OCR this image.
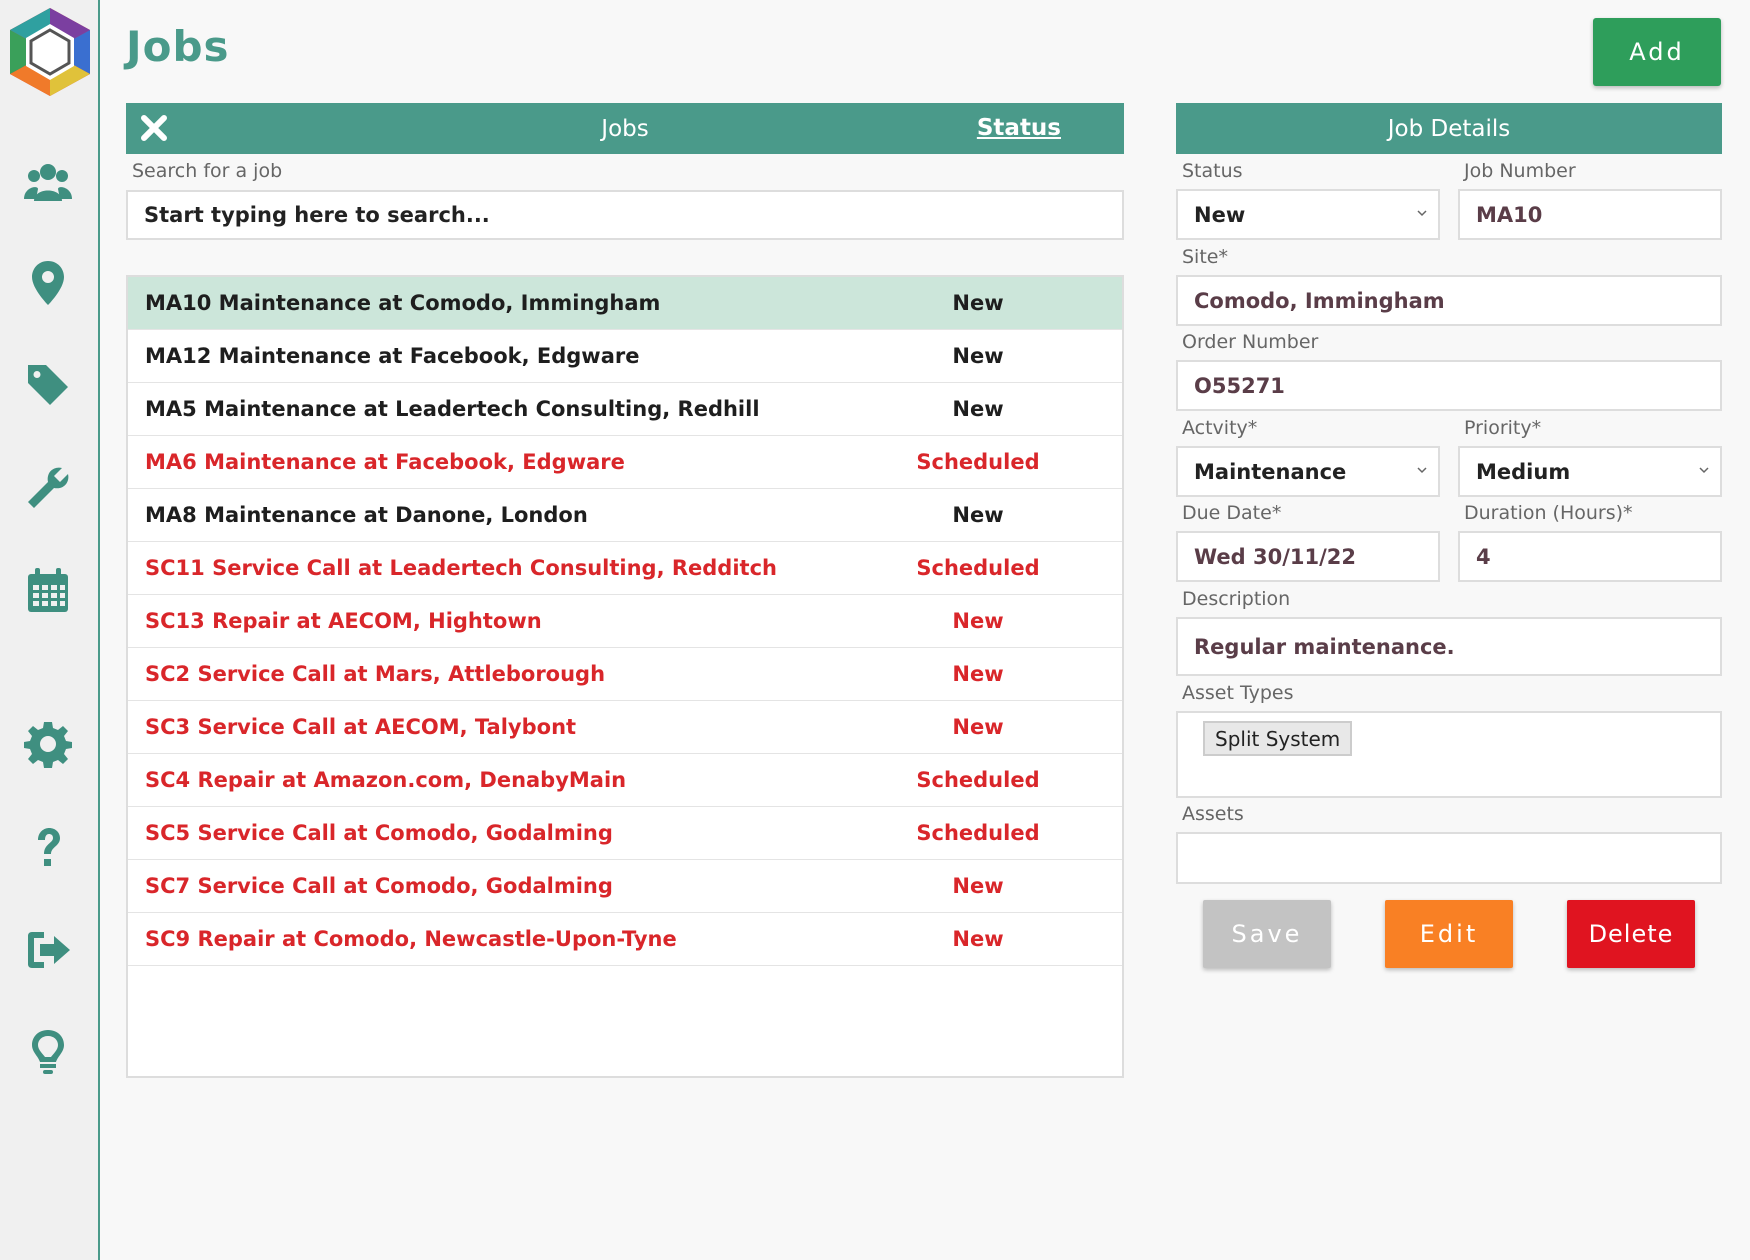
Jobs	Add
Jobs	Status
Search for a job
Start typing here to search...
MA10 Maintenance at Comodo, Immingham	New
MA12 Maintenance at Facebook, Edgware	New
MA5 Maintenance at Leadertech Consulting, Redhill	New
MA6 Maintenance at Facebook, Edgware	Scheduled
MA8 Maintenance at Danone, London	New
SC11 Service Call at Leadertech Consulting, Redditch	Scheduled
SC13 Repair at AECOM, Hightown	New
SC2 Service Call at Mars, Attleborough	New
SC3 Service Call at AECOM, Talybont	New
SC4 Repair at Amazon.com, DenabyMain	Scheduled
SC5 Service Call at Comodo, Godalming	Scheduled
SC7 Service Call at Comodo, Godalming	New
SC9 Repair at Comodo, Newcastle-Upon-Tyne	New
Job Details
Status	Job Number
New	MA10
Site*
Comodo, Immingham
Order Number
O55271
Actvity*	Priority*
Maintenance	Medium
Due Date*	Duration (Hours)*
Wed 30/11/22	4
Description
Regular maintenance.
Asset Types
Split System
Assets
Save	Edit	Delete
